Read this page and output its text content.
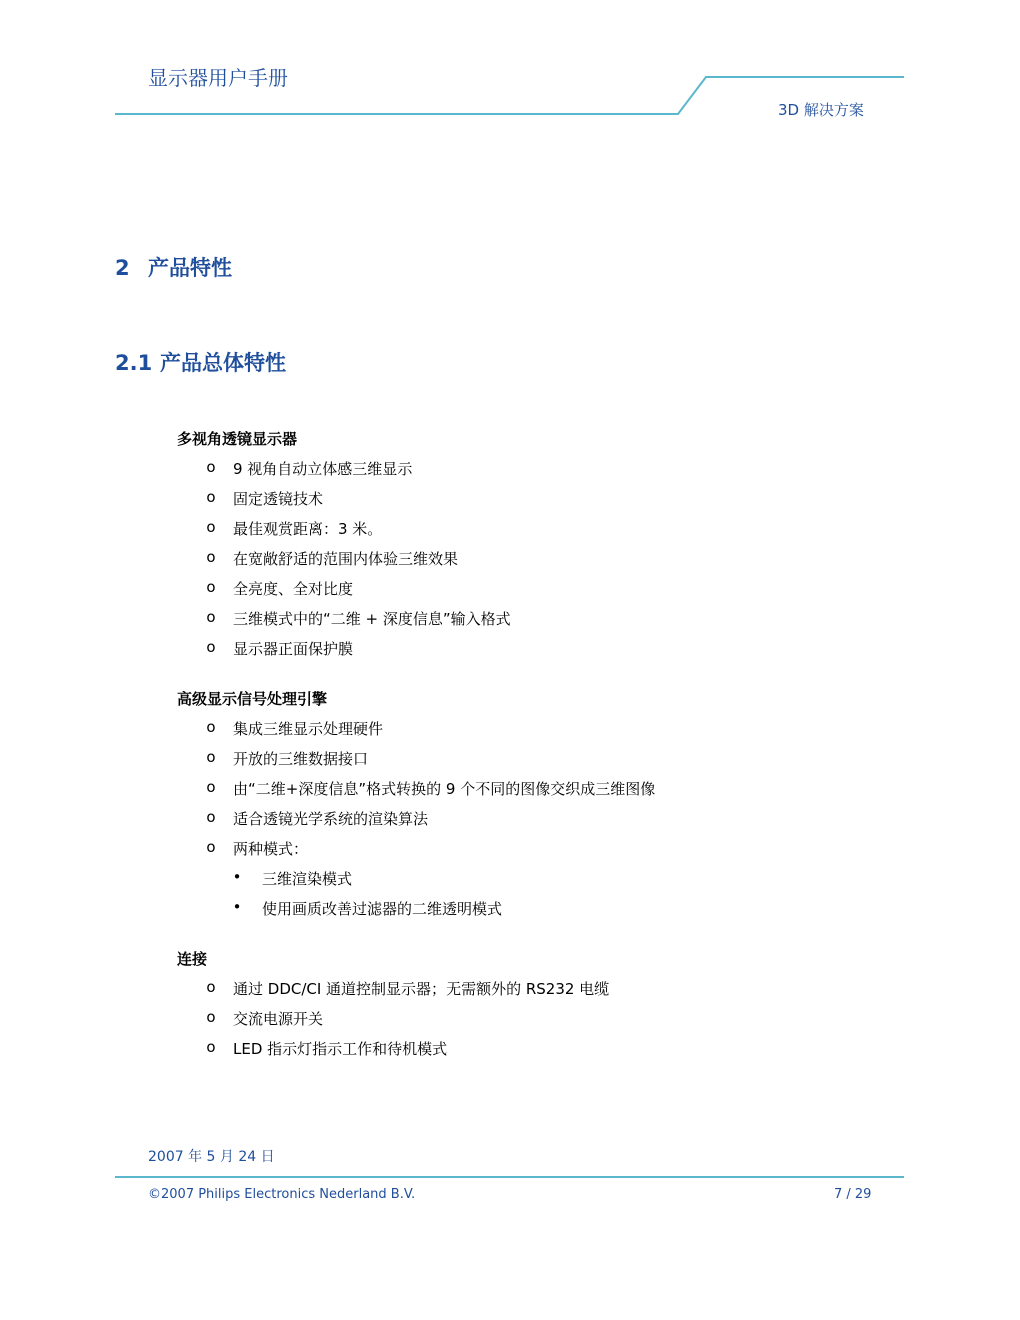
显示器用户手册
3D 解决方案
2 产品特性
2.1 产品总体特性
多视角透镜显示器
o 9 视角自动立体感三维显示
o 固定透镜技术
o 最佳观赏距离：3 米。
o 在宽敞舒适的范围内体验三维效果
o 全亮度、全对比度
o 三维模式中的“二维 + 深度信息”输入格式
o 显示器正面保护膜
高级显示信号处理引擎
o 集成三维显示处理硬件
o 开放的三维数据接口
o 由“二维+深度信息”格式转换的 9 个不同的图像交织成三维图像
o 适合透镜光学系统的渲染算法
o 两种模式：
• 三维渲染模式
• 使用画质改善过滤器的二维透明模式
连接
o 通过 DDC/CI 通道控制显示器；无需额外的 RS232 电缆
o 交流电源开关
o LED 指示灯指示工作和待机模式
2007 年 5 月 24 日
©2007 Philips Electronics Nederland B.V.	7 / 29
